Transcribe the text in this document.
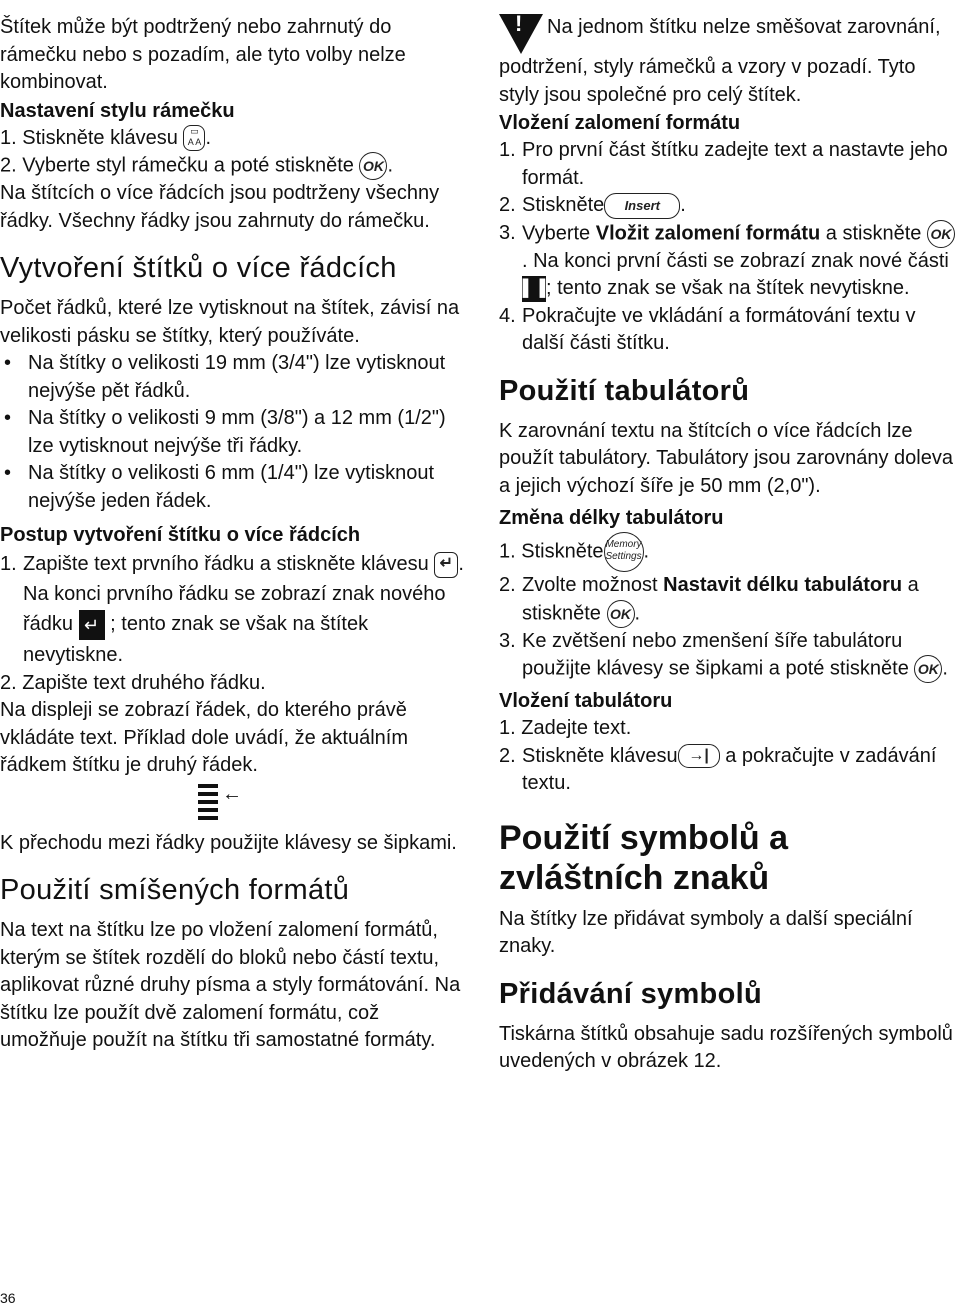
Štítek může být podtržený nebo zahrnutý do rámečku nebo s pozadím, ale tyto volby nelze kombinovat.

Nastavení stylu rámečku

1. Stiskněte klávesu ▭
A A .

2. Vyberte styl rámečku a poté stiskněte OK .

Na štítcích o více řádcích jsou podtrženy všechny řádky. Všechny řádky jsou zahrnuty do rámečku.

Vytvoření štítků o více řádcích

Počet řádků, které lze vytisknout na štítek, závisí na velikosti pásku se štítky, který používáte.

• Na štítky o velikosti 19 mm (3/4") lze vytisknout nejvýše pět řádků.
• Na štítky o velikosti 9 mm (3/8") a 12 mm (1/2") lze vytisknout nejvýše tři řádky.
• Na štítky o velikosti 6 mm (1/4") lze vytisknout nejvýše jeden řádek.
Postup vytvoření štítku o více řádcích
1. Zapište text prvního řádku a stiskněte klávesu ↵ . Na konci prvního řádku se zobrazí znak nového řádku ↵ ; tento znak se však na štítek nevytiskne.

2. Zapište text druhého řádku.

Na displeji se zobrazí řádek, do kterého právě vkládáte text. Příklad dole uvádí, že aktuálním řádkem štítku je druhý řádek.

←

K přechodu mezi řádky použijte klávesy se šipkami.

Použití smíšených formátů

Na text na štítku lze po vložení zalomení formátů, kterým se štítek rozdělí do bloků nebo částí textu, aplikovat různé druhy písma a styly formátování. Na štítku lze použít dvě zalomení formátu, což umožňuje použít na štítku tři samostatné formáty.

! Na jednom štítku nelze směšovat zarovnání, podtržení, styly rámečků a vzory v pozadí. Tyto styly jsou společné pro celý štítek.

Vložení zalomení formátu
1. Pro první část štítku zadejte text a nastavte jeho formát.
2. Stiskněte Insert .
3. Vyberte Vložit zalomení formátu a stiskněte OK. Na konci první části se zobrazí znak nové části ▌▐; tento znak se však na štítek nevytiskne.
4. Pokračujte ve vkládání a formátování textu v další části štítku.
Použití tabulátorů

K zarovnání textu na štítcích o více řádcích lze použít tabulátory. Tabulátory jsou zarovnány doleva a jejich výchozí šíře je 50 mm (2,0").

Změna délky tabulátoru

1. Stiskněte Memory
Settings.

2. Zvolte možnost Nastavit délku tabulátoru a stiskněte OK .
3. Ke zvětšení nebo zmenšení šíře tabulátoru použijte klávesy se šipkami a poté stiskněte OK .
Vložení tabulátoru

1. Zadejte text.

2. Stiskněte klávesu →| a pokračujte v zadávání textu.
Použití symbolů a zvláštních znaků

Na štítky lze přidávat symboly a další speciální znaky.

Přidávání symbolů

Tiskárna štítků obsahuje sadu rozšířených symbolů uvedených v obrázek 12.

36
